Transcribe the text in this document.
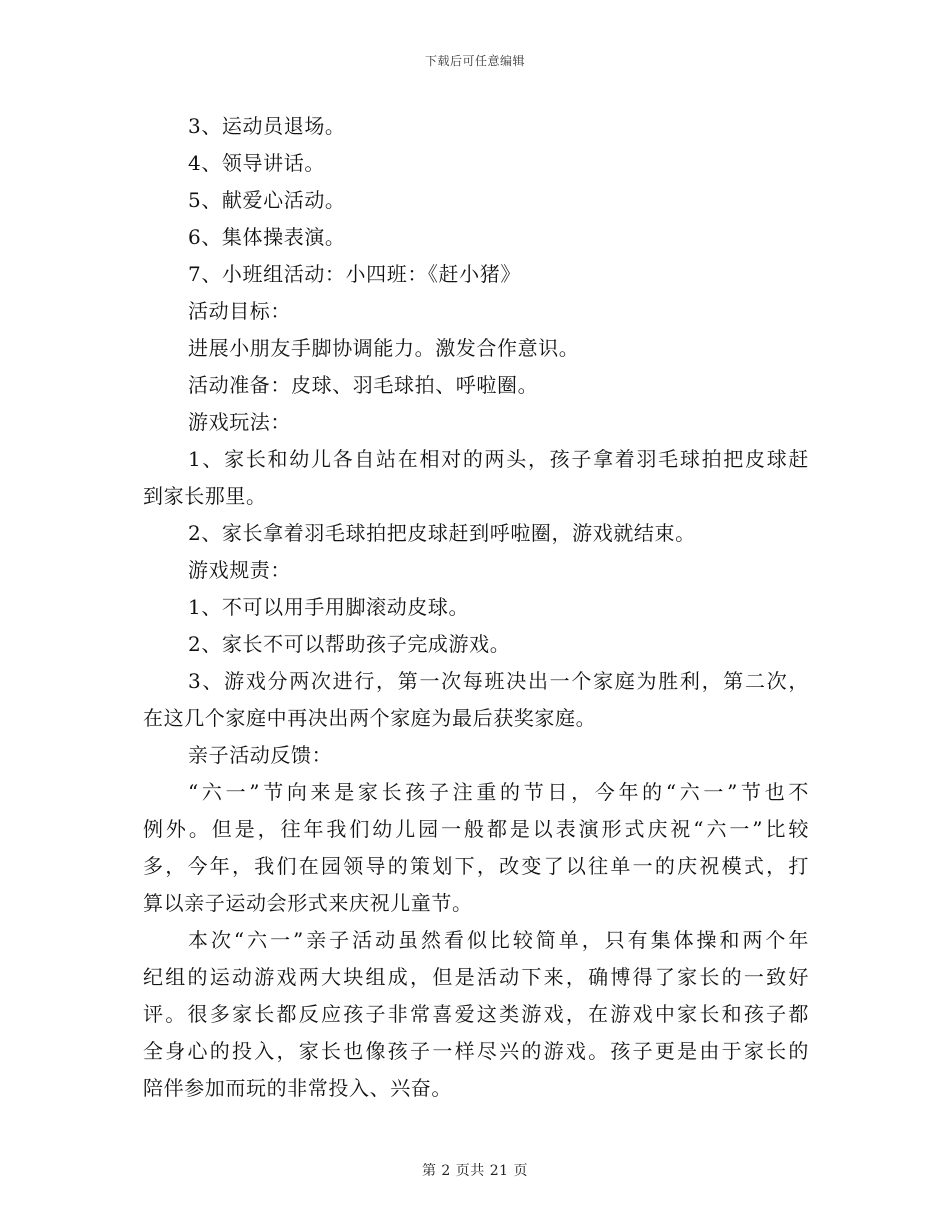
下载后可任意编辑
3、运动员退场。
4、领导讲话。
5、献爱心活动。
6、集体操表演。
7、小班组活动：小四班：《赶小猪》
活动目标：
进展小朋友手脚协调能力。激发合作意识。
活动准备：皮球、羽毛球拍、呼啦圈。
游戏玩法：
1、家长和幼儿各自站在相对的两头，孩子拿着羽毛球拍把皮球赶
到家长那里。
2、家长拿着羽毛球拍把皮球赶到呼啦圈，游戏就结束。
游戏规责：
1、不可以用手用脚滚动皮球。
2、家长不可以帮助孩子完成游戏。
3、游戏分两次进行，第一次每班决出一个家庭为胜利，第二次，
在这几个家庭中再决出两个家庭为最后获奖家庭。
亲子活动反馈：
“六一”节向来是家长孩子注重的节日，今年的“六一”节也不
例外。但是，往年我们幼儿园一般都是以表演形式庆祝“六一”比较
多，今年，我们在园领导的策划下，改变了以往单一的庆祝模式，打
算以亲子运动会形式来庆祝儿童节。
本次“六一”亲子活动虽然看似比较简单，只有集体操和两个年
纪组的运动游戏两大块组成，但是活动下来，确博得了家长的一致好
评。很多家长都反应孩子非常喜爱这类游戏，在游戏中家长和孩子都
全身心的投入，家长也像孩子一样尽兴的游戏。孩子更是由于家长的
陪伴参加而玩的非常投入、兴奋。
第 2 页共 21 页
